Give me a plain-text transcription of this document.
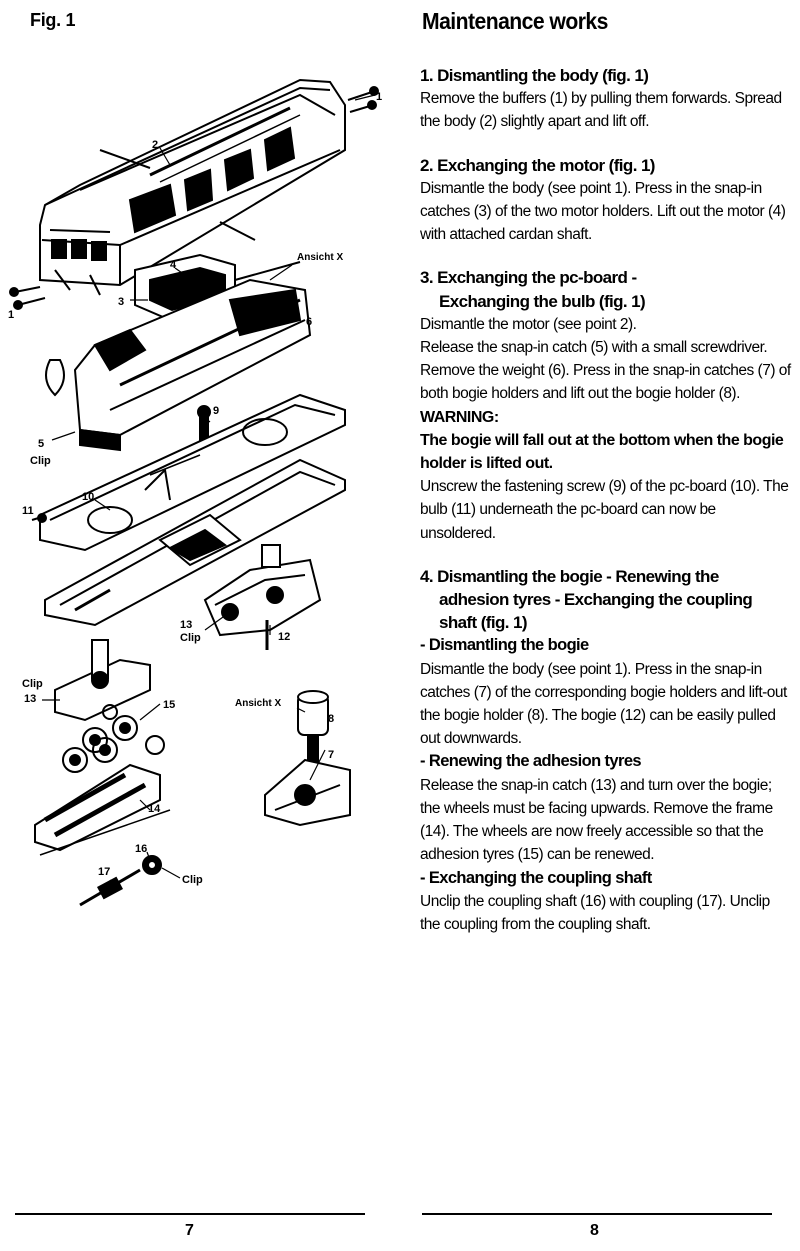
Fig. 1
1
1
2
3
4
5
Clip
6
Ansicht X
9
10
11
12
13
Clip
Clip
13	15	Ansicht X
8
7
14
16
17
Clip
7
Maintenance works
1. Dismantling the body (fig. 1)
Remove the buffers (1) by pulling them forwards. Spread the body (2) slightly apart and lift off.
2. Exchanging the motor (fig. 1)
Dismantle the body (see point 1). Press in the snap-in catches (3) of the two motor holders. Lift out the motor (4) with attached cardan shaft.
3. Exchanging the pc-board -
Exchanging the bulb (fig. 1)
Dismantle the motor (see point 2).
Release the snap-in catch (5) with a small screwdriver. Remove the weight (6). Press in the snap-in catches (7) of both bogie holders and lift out the bogie holder (8).
WARNING:
The bogie will fall out at the bottom when the bogie holder is lifted out.
Unscrew the fastening screw (9) of the pc-board (10). The bulb (11) underneath the pc-board can now be unsoldered.
4. Dismantling the bogie - Renewing the
adhesion tyres - Exchanging the coupling
shaft (fig. 1)
- Dismantling the bogie
Dismantle the body (see point 1). Press in the snap-in catches (7) of the corresponding bogie holders and lift-out the bogie holder (8). The bogie (12) can be easily pulled out downwards.
- Renewing the adhesion tyres
Release the snap-in catch (13) and turn over the bogie; the wheels must be facing upwards. Remove the frame (14). The wheels are now freely accessible so that the adhesion tyres (15) can be renewed.
- Exchanging the coupling shaft
Unclip the coupling shaft (16) with coupling (17). Unclip the coupling from the coupling shaft.
8
